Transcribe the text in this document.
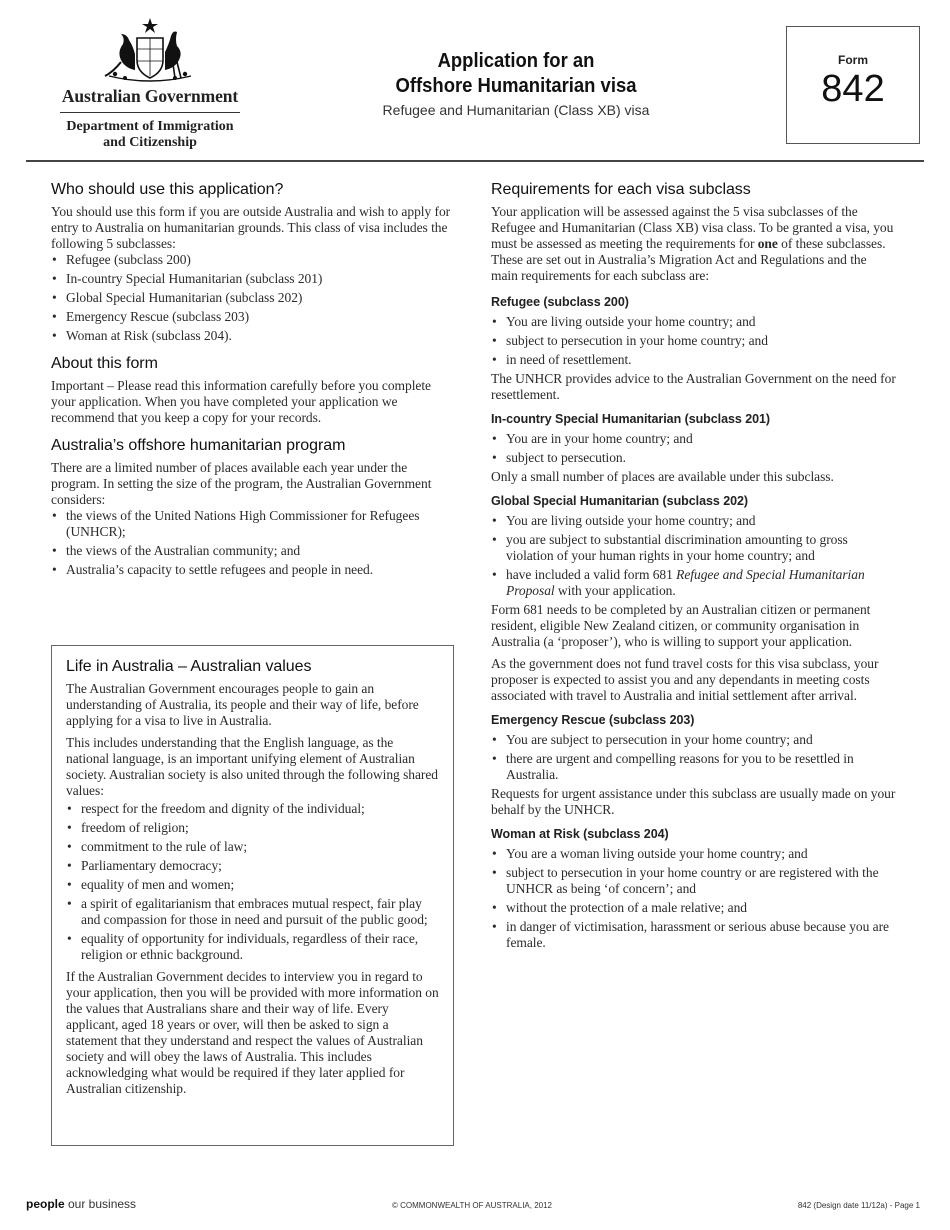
Australian Government
Department of Immigration
and Citizenship
Application for an
Offshore Humanitarian visa
Refugee and Humanitarian (Class XB) visa
Form
842
Who should use this application?

You should use this form if you are outside Australia and wish to apply for entry to Australia on humanitarian grounds. This class of visa includes the following 5 subclasses:

• Refugee (subclass 200)
• In-country Special Humanitarian (subclass 201)
• Global Special Humanitarian (subclass 202)
• Emergency Rescue (subclass 203)
• Woman at Risk (subclass 204).
About this form

Important – Please read this information carefully before you complete your application. When you have completed your application we recommend that you keep a copy for your records.

Australia’s offshore humanitarian program

There are a limited number of places available each year under the program. In setting the size of the program, the Australian Government considers:

• the views of the United Nations High Commissioner for Refugees (UNHCR);
• the views of the Australian community; and
• Australia’s capacity to settle refugees and people in need.
Life in Australia – Australian values

The Australian Government encourages people to gain an understanding of Australia, its people and their way of life, before applying for a visa to live in Australia.

This includes understanding that the English language, as the national language, is an important unifying element of Australian society. Australian society is also united through the following shared values:

• respect for the freedom and dignity of the individual;
• freedom of religion;
• commitment to the rule of law;
• Parliamentary democracy;
• equality of men and women;
• a spirit of egalitarianism that embraces mutual respect, fair play and compassion for those in need and pursuit of the public good;
• equality of opportunity for individuals, regardless of their race, religion or ethnic background.

If the Australian Government decides to interview you in regard to your application, then you will be provided with more information on the values that Australians share and their way of life. Every applicant, aged 18 years or over, will then be asked to sign a statement that they understand and respect the values of Australian society and will obey the laws of Australia. This includes acknowledging what would be required if they later applied for Australian citizenship.

Requirements for each visa subclass

Your application will be assessed against the 5 visa subclasses of the Refugee and Humanitarian (Class XB) visa class. To be granted a visa, you must be assessed as meeting the requirements for one of these subclasses. These are set out in Australia’s Migration Act and Regulations and the main requirements for each subclass are:

Refugee (subclass 200)
• You are living outside your home country; and
• subject to persecution in your home country; and
• in need of resettlement.

The UNHCR provides advice to the Australian Government on the need for resettlement.

In-country Special Humanitarian (subclass 201)
• You are in your home country; and
• subject to persecution.

Only a small number of places are available under this subclass.

Global Special Humanitarian (subclass 202)
• You are living outside your home country; and
• you are subject to substantial discrimination amounting to gross violation of your human rights in your home country; and
• have included a valid form 681 Refugee and Special Humanitarian Proposal with your application.

Form 681 needs to be completed by an Australian citizen or permanent resident, eligible New Zealand citizen, or community organisation in Australia (a ‘proposer’), who is willing to support your application.

As the government does not fund travel costs for this visa subclass, your proposer is expected to assist you and any dependants in meeting costs associated with travel to Australia and initial settlement after arrival.

Emergency Rescue (subclass 203)
• You are subject to persecution in your home country; and
• there are urgent and compelling reasons for you to be resettled in Australia.

Requests for urgent assistance under this subclass are usually made on your behalf by the UNHCR.

Woman at Risk (subclass 204)
• You are a woman living outside your home country; and
• subject to persecution in your home country or are registered with the UNHCR as being ‘of concern’; and
• without the protection of a male relative; and
• in danger of victimisation, harassment or serious abuse because you are female.
people our business	© COMMONWEALTH OF AUSTRALIA, 2012	842 (Design date 11/12a) - Page 1
